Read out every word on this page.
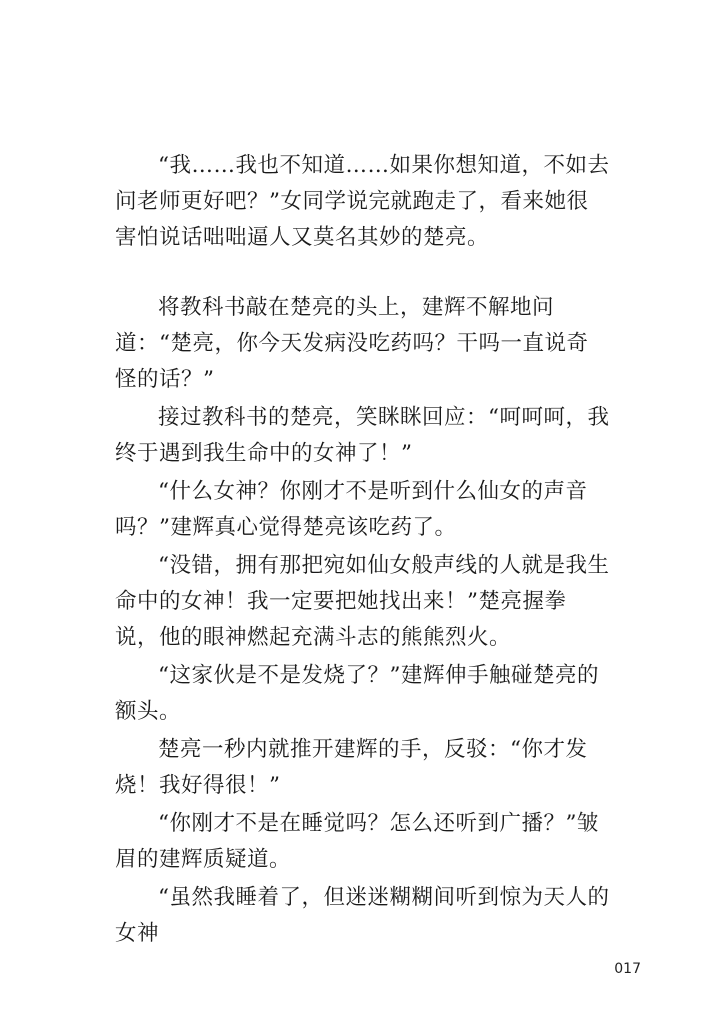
“我……我也不知道……如果你想知道，不如去问老师更好吧？”女同学说完就跑走了，看来她很害怕说话咄咄逼人又莫名其妙的楚亮。

将教科书敲在楚亮的头上，建辉不解地问道：“楚亮，你今天发病没吃药吗？干吗一直说奇怪的话？”

接过教科书的楚亮，笑眯眯回应：“呵呵呵，我终于遇到我生命中的女神了！”

“什么女神？你刚才不是听到什么仙女的声音吗？”建辉真心觉得楚亮该吃药了。

“没错，拥有那把宛如仙女般声线的人就是我生命中的女神！我一定要把她找出来！”楚亮握拳说，他的眼神燃起充满斗志的熊熊烈火。

“这家伙是不是发烧了？”建辉伸手触碰楚亮的额头。

楚亮一秒内就推开建辉的手，反驳：“你才发烧！我好得很！”

“你刚才不是在睡觉吗？怎么还听到广播？”皱眉的建辉质疑道。

“虽然我睡着了，但迷迷糊糊间听到惊为天人的女神

017
